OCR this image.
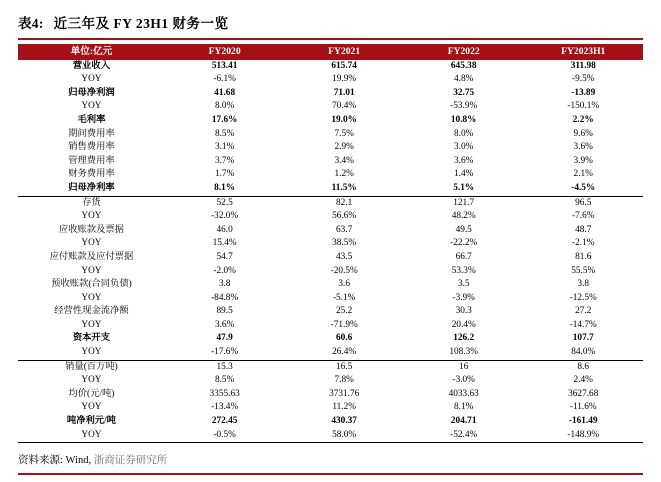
表4: 近三年及 FY 23H1 财务一览
单位:亿元	FY2020	FY2021	FY2022	FY2023H1
营业收入	513.41	615.74	645.38	311.98
YOY	-6.1%	19.9%	4.8%	-9.5%
归母净利润	41.68	71.01	32.75	-13.89
YOY	8.0%	70.4%	-53.9%	-150.1%
毛利率	17.6%	19.0%	10.8%	2.2%
期间费用率	8.5%	7.5%	8.0%	9.6%
销售费用率	3.1%	2.9%	3.0%	3.6%
管理费用率	3.7%	3.4%	3.6%	3.9%
财务费用率	1.7%	1.2%	1.4%	2.1%
归母净利率	8.1%	11.5%	5.1%	-4.5%
存货	52.5	82.1	121.7	96.5
YOY	-32.0%	56.6%	48.2%	-7.6%
应收账款及票据	46.0	63.7	49.5	48.7
YOY	15.4%	38.5%	-22.2%	-2.1%
应付账款及应付票据	54.7	43.5	66.7	81.6
YOY	-2.0%	-20.5%	53.3%	55.5%
预收账款(合同负债)	3.8	3.6	3.5	3.8
YOY	-84.8%	-5.1%	-3.9%	-12.5%
经营性现金流净额	89.5	25.2	30.3	27.2
YOY	3.6%	-71.9%	20.4%	-14.7%
资本开支	47.9	60.6	126.2	107.7
YOY	-17.6%	26.4%	108.3%	84.0%
销量(百万吨)	15.3	16.5	16	8.6
YOY	8.5%	7.8%	-3.0%	2.4%
均价(元/吨)	3355.63	3731.76	4033.63	3627.68
YOY	-13.4%	11.2%	8.1%	-11.6%
吨净利元/吨	272.45	430.37	204.71	-161.49
YOY	-0.5%	58.0%	-52.4%	-148.9%
资料来源: Wind, 浙商证券研究所
